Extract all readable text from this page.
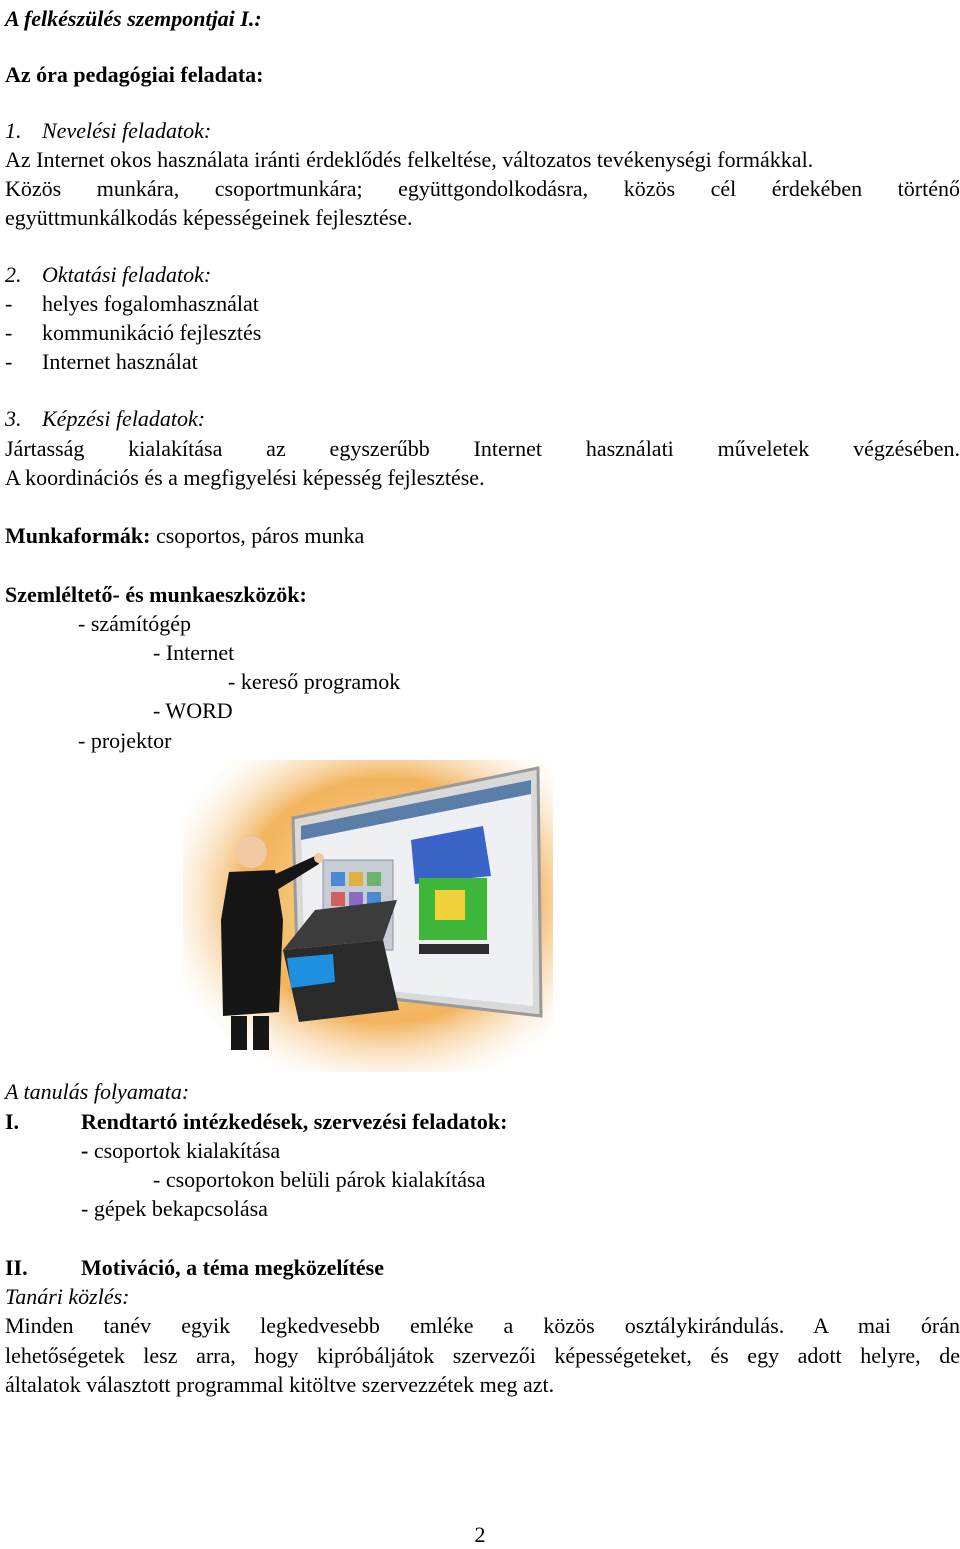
A felkészülés szempontjai I.:
Az óra pedagógiai feladata:
1. Nevelési feladatok:
Az Internet okos használata iránti érdeklődés felkeltése, változatos tevékenységi formákkal.
Közös munkára, csoportmunkára; együttgondolkodásra, közös cél érdekében történő
együttmunkálkodás képességeinek fejlesztése.
2. Oktatási feladatok:
- helyes fogalomhasználat
- kommunikáció fejlesztés
- Internet használat
3. Képzési feladatok:
Jártasság kialakítása az egyszerűbb Internet használati műveletek végzésében.
A koordinációs és a megfigyelési képesség fejlesztése.
Munkaformák: csoportos, páros munka
Szemléltető- és munkaeszközök:
- számítógép
- Internet
- kereső programok
- WORD
- projektor
A tanulás folyamata:
I.	Rendtartó intézkedések, szervezési feladatok:
- csoportok kialakítása
- csoportokon belüli párok kialakítása
- gépek bekapcsolása
II. Motiváció, a téma megközelítése
Tanári közlés:
Minden tanév egyik legkedvesebb emléke a közös osztálykirándulás. A mai órán
lehetőségetek lesz arra, hogy kipróbáljátok szervezői képességeteket, és egy adott helyre, de
általatok választott programmal kitöltve szervezzétek meg azt.
2
